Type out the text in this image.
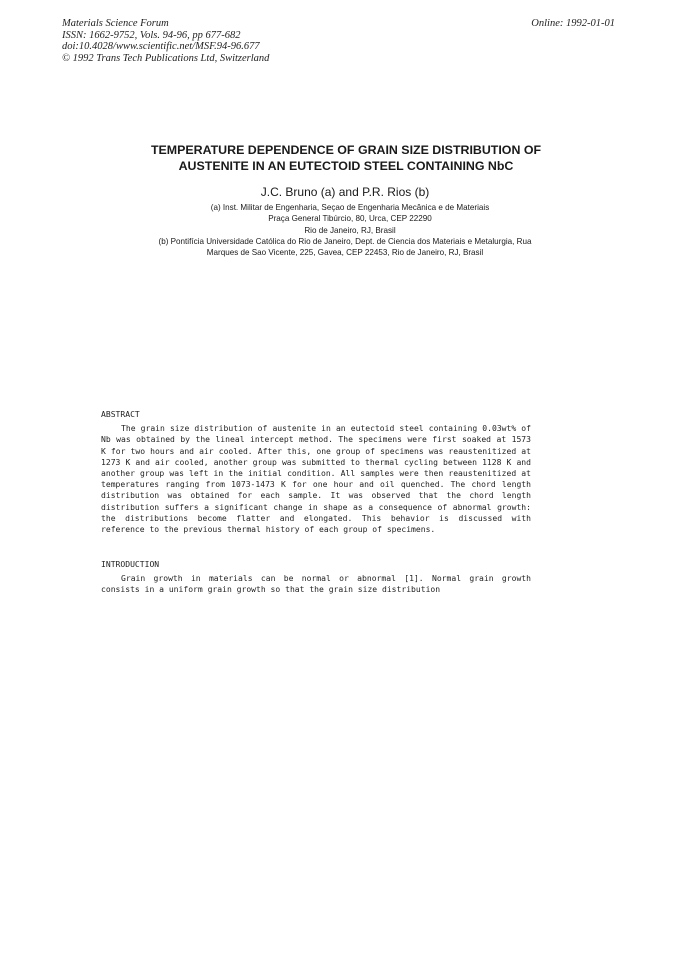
Materials Science Forum
ISSN: 1662-9752, Vols. 94-96, pp 677-682
doi:10.4028/www.scientific.net/MSF.94-96.677
© 1992 Trans Tech Publications Ltd, Switzerland
Online: 1992-01-01
TEMPERATURE DEPENDENCE OF GRAIN SIZE DISTRIBUTION OF
AUSTENITE IN AN EUTECTOID STEEL CONTAINING NbC
J.C. Bruno (a) and P.R. Rios (b)
(a) Inst. Militar de Engenharia, Seçao de Engenharia Mecânica e de Materiais
Praça General Tibúrcio, 80, Urca, CEP 22290
Rio de Janeiro, RJ, Brasil
(b) Pontifícia Universidade Católica do Rio de Janeiro, Dept. de Ciencia dos Materiais e Metalurgia, Rua
Marques de Sao Vicente, 225, Gavea, CEP 22453, Rio de Janeiro, RJ, Brasil
ABSTRACT
The grain size distribution of austenite in an eutectoid steel containing 0.03wt% of Nb was obtained by the lineal intercept method. The specimens were first soaked at 1573 K for two hours and air cooled. After this, one group of specimens was reaustenitized at 1273 K and air cooled, another group was submitted to thermal cycling between 1128 K and another group was left in the initial condition. All samples were then reaustenitized at temperatures ranging from 1073-1473 K for one hour and oil quenched. The chord length distribution was obtained for each sample. It was observed that the chord length distribution suffers a significant change in shape as a consequence of abnormal growth: the distributions become flatter and elongated. This behavior is discussed with reference to the previous thermal history of each group of specimens.
INTRODUCTION
Grain growth in materials can be normal or abnormal [1]. Normal grain growth consists in a uniform grain growth so that the grain size distribution
